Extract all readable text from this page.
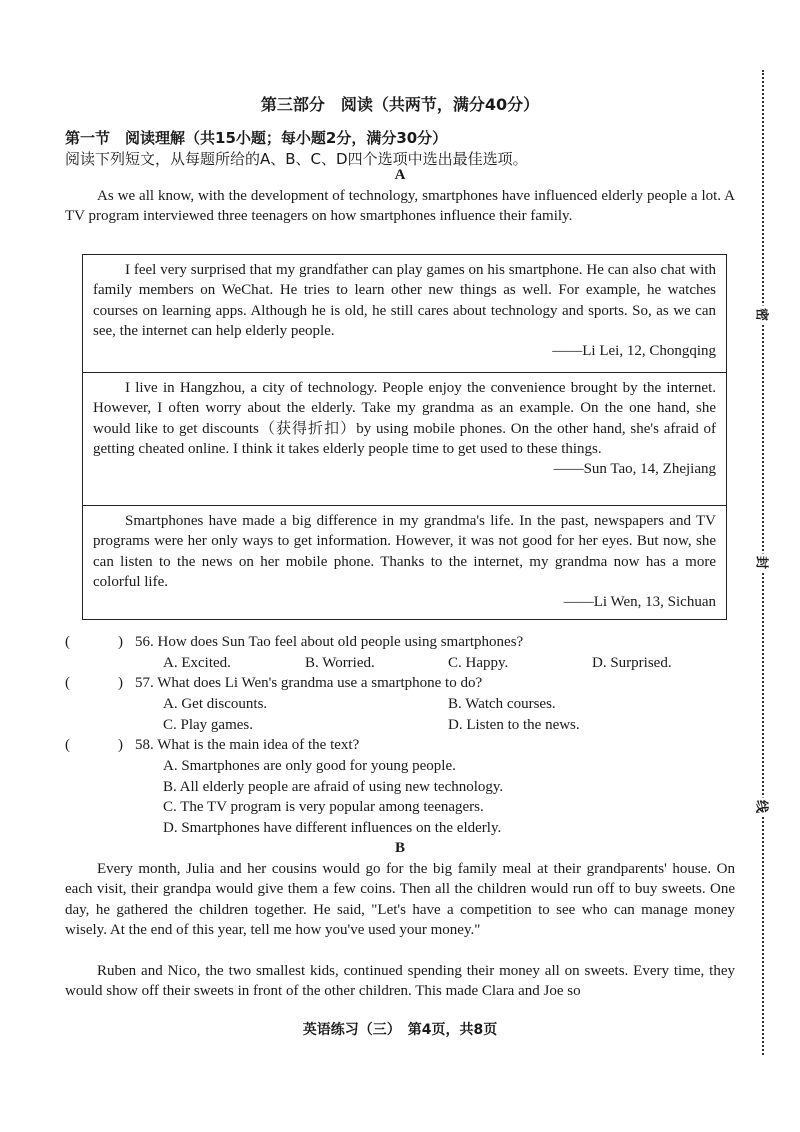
第三部分　阅读（共两节，满分40分）
第一节　阅读理解（共15小题；每小题2分，满分30分）
阅读下列短文，从每题所给的A、B、C、D四个选项中选出最佳选项。
A
As we all know, with the development of technology, smartphones have influenced elderly people a lot. A TV program interviewed three teenagers on how smartphones influence their family.

I feel very surprised that my grandfather can play games on his smartphone. He can also chat with family members on WeChat. He tries to learn other new things as well. For example, he watches courses on learning apps. Although he is old, he still cares about technology and sports. So, as we can see, the internet can help elderly people.

——Li Lei, 12, Chongqing

I live in Hangzhou, a city of technology. People enjoy the convenience brought by the internet. However, I often worry about the elderly. Take my grandma as an example. On the one hand, she would like to get discounts（获得折扣）by using mobile phones. On the other hand, she's afraid of getting cheated online. I think it takes elderly people time to get used to these things.

——Sun Tao, 14, Zhejiang

Smartphones have made a big difference in my grandma's life. In the past, newspapers and TV programs were her only ways to get information. However, it was not good for her eyes. But now, she can listen to the news on her mobile phone. Thanks to the internet, my grandma now has a more colorful life.

——Li Wen, 13, Sichuan
(	) 56. How does Sun Tao feel about old people using smartphones?
A. Excited.	B. Worried.	C. Happy.	D. Surprised.
(	) 57. What does Li Wen's grandma use a smartphone to do?
A. Get discounts.	B. Watch courses.
C. Play games.	D. Listen to the news.
(	) 58. What is the main idea of the text?
A. Smartphones are only good for young people.
B. All elderly people are afraid of using new technology.
C. The TV program is very popular among teenagers.
D. Smartphones have different influences on the elderly.
B
Every month, Julia and her cousins would go for the big family meal at their grandparents' house. On each visit, their grandpa would give them a few coins. Then all the children would run off to buy sweets. One day, he gathered the children together. He said, "Let's have a competition to see who can manage money wisely. At the end of this year, tell me how you've used your money."
Ruben and Nico, the two smallest kids, continued spending their money all on sweets. Every time, they would show off their sweets in front of the other children. This made Clara and Joe so
英语练习（三）　第4页，共8页
密
封
线
